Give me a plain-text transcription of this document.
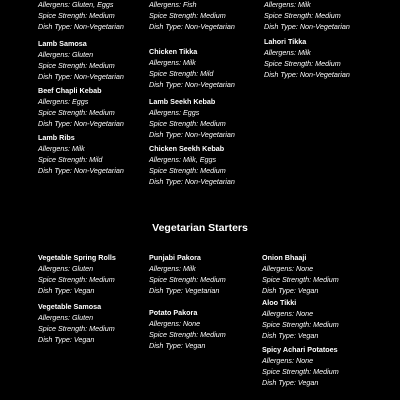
Allergens: Gluten, Eggs
Spice Strength: Medium
Dish Type: Non-Vegetarian
Lamb Samosa
Allergens: Gluten
Spice Strength: Medium
Dish Type: Non-Vegetarian
Beef Chapli Kebab
Allergens: Eggs
Spice Strength: Medium
Dish Type: Non-Vegetarian
Lamb Ribs
Allergens: Milk
Spice Strength: Mild
Dish Type: Non-Vegetarian
Allergens: Fish
Spice Strength: Medium
Dish Type: Non-Vegetarian
Chicken Tikka
Allergens: Milk
Spice Strength: Mild
Dish Type: Non-Vegetarian
Lamb Seekh Kebab
Allergens: Eggs
Spice Strength: Medium
Dish Type: Non-Vegetarian
Chicken Seekh Kebab
Allergens: Milk, Eggs
Spice Strength: Medium
Dish Type: Non-Vegetarian
Allergens: Milk
Spice Strength: Medium
Dish Type: Non-Vegetarian
Lahori Tikka
Allergens: Milk
Spice Strength: Medium
Dish Type: Non-Vegetarian
Vegetarian Starters
Vegetable Spring Rolls
Allergens: Gluten
Spice Strength: Medium
Dish Type: Vegan
Vegetable Samosa
Allergens: Gluten
Spice Strength: Medium
Dish Type: Vegan
Punjabi Pakora
Allergens: Milk
Spice Strength: Medium
Dish Type: Vegetarian
Potato Pakora
Allergens: None
Spice Strength: Medium
Dish Type: Vegan
Onion Bhaaji
Allergens: None
Spice Strength: Medium
Dish Type: Vegan
Aloo Tikki
Allergens: None
Spice Strength: Medium
Dish Type: Vegan
Spicy Achari Potatoes
Allergens: None
Spice Strength: Medium
Dish Type: Vegan
